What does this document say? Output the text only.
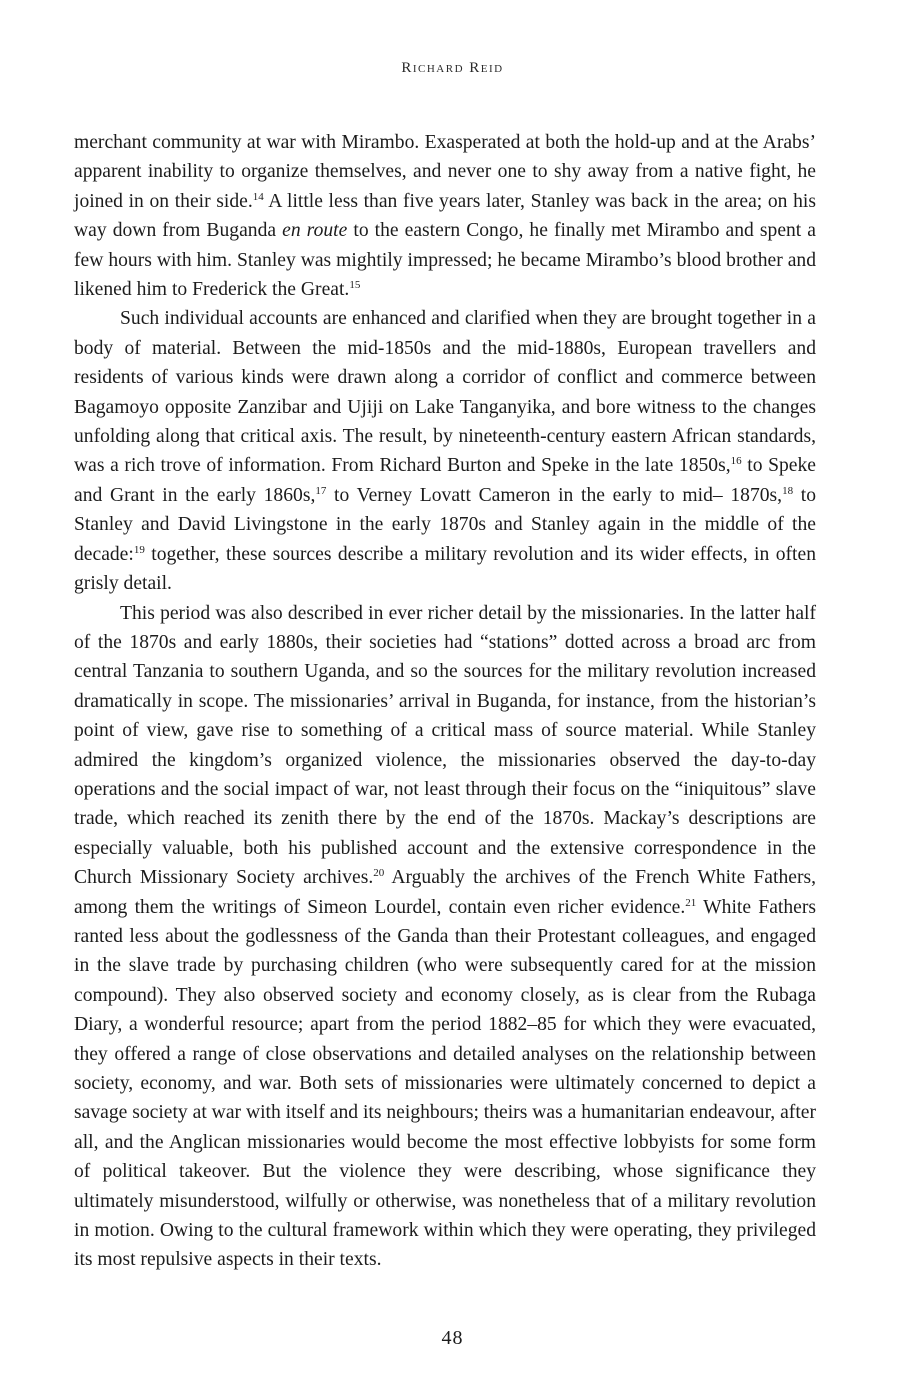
Richard Reid

merchant community at war with Mirambo. Exasperated at both the hold-up and at the Arabs’ apparent inability to organize themselves, and never one to shy away from a native fight, he joined in on their side.$^{14}$ A little less than five years later, Stanley was back in the area; on his way down from Buganda en route to the eastern Congo, he finally met Mirambo and spent a few hours with him. Stanley was mightily impressed; he became Mirambo’s blood brother and likened him to Frederick the Great.$^{15}$

Such individual accounts are enhanced and clarified when they are brought together in a body of material. Between the mid-1850s and the mid-1880s, European travellers and residents of various kinds were drawn along a corridor of conflict and commerce between Bagamoyo opposite Zanzibar and Ujiji on Lake Tanganyika, and bore witness to the changes unfolding along that critical axis. The result, by nineteenth-century eastern African standards, was a rich trove of information. From Richard Burton and Speke in the late 1850s,$^{16}$ to Speke and Grant in the early 1860s,$^{17}$ to Verney Lovatt Cameron in the early to mid– 1870s,$^{18}$ to Stanley and David Livingstone in the early 1870s and Stanley again in the middle of the decade:$^{19}$ together, these sources describe a military revolution and its wider effects, in often grisly detail.

This period was also described in ever richer detail by the missionaries. In the latter half of the 1870s and early 1880s, their societies had “stations” dotted across a broad arc from central Tanzania to southern Uganda, and so the sources for the military revolution increased dramatically in scope. The missionaries’ arrival in Buganda, for instance, from the historian’s point of view, gave rise to something of a critical mass of source material. While Stanley admired the kingdom’s organized violence, the missionaries observed the day-to-day operations and the social impact of war, not least through their focus on the “iniquitous” slave trade, which reached its zenith there by the end of the 1870s. Mackay’s descriptions are especially valuable, both his published account and the extensive correspondence in the Church Missionary Society archives.$^{20}$ Arguably the archives of the French White Fathers, among them the writings of Simeon Lourdel, contain even richer evidence.$^{21}$ White Fathers ranted less about the godlessness of the Ganda than their Protestant colleagues, and engaged in the slave trade by purchasing children (who were subsequently cared for at the mission compound). They also observed society and economy closely, as is clear from the Rubaga Diary, a wonderful resource; apart from the period 1882–85 for which they were evacuated, they offered a range of close observations and detailed analyses on the relationship between society, economy, and war. Both sets of missionaries were ultimately concerned to depict a savage society at war with itself and its neighbours; theirs was a humanitarian endeavour, after all, and the Anglican missionaries would become the most effective lobbyists for some form of political takeover. But the violence they were describing, whose significance they ultimately misunderstood, wilfully or otherwise, was nonetheless that of a military revolution in motion. Owing to the cultural framework within which they were operating, they privileged its most repulsive aspects in their texts.

48
